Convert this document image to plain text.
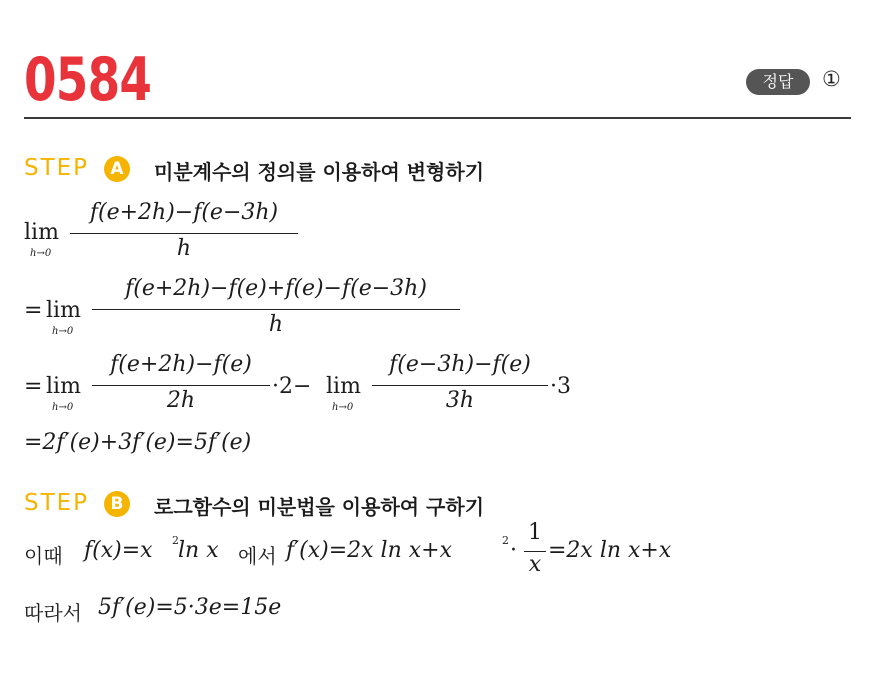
0584	정답	①
STEP	A	미분계수의 정의를 이용하여 변형하기
lim
h→0
f(e+2h)−f(e−3h)
h
= lim
h→0
f(e+2h)−f(e)+f(e)−f(e−3h)
h
= lim
h→0
f(e+2h)−f(e)
2h
·2− lim
h→0
f(e−3h)−f(e)
3h
·3
=2f′(e)+3f′(e)=5f′(e)
STEP	B	로그함수의 미분법을 이용하여 구하기
이때 f(x)=x 2 ln x 에서 f′(x)=2x ln x+x	2 ·
1
x
=2x ln x+x
따라서 5f′(e)=5·3e=15e
